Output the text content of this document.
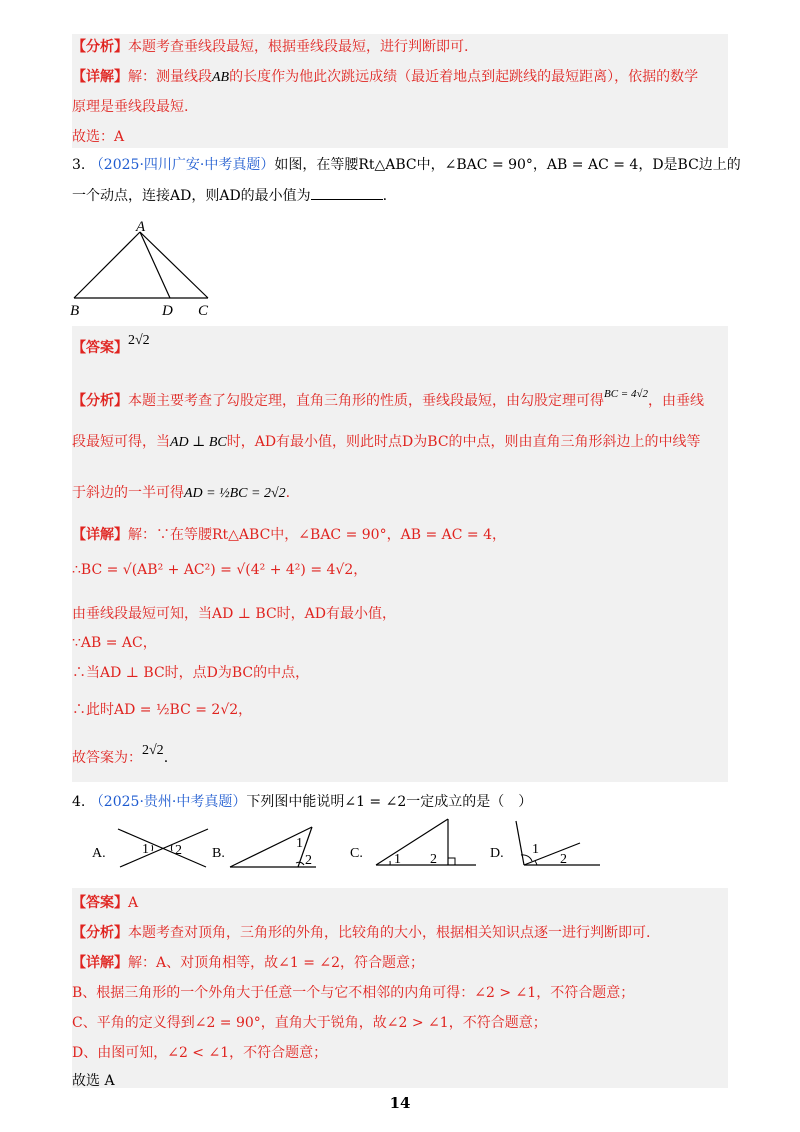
【分析】本题考查垂线段最短，根据垂线段最短，进行判断即可.
【详解】解：测量线段AB的长度作为他此次跳远成绩（最近着地点到起跳线的最短距离），依据的数学
原理是垂线段最短.
故选：A
3. （2025·四川广安·中考真题）如图，在等腰Rt△ABC中，∠BAC = 90°，AB = AC = 4，D是BC边上的
一个动点，连接AD，则AD的最小值为	.
A
B	D C
【答案】2√2
【分析】本题主要考查了勾股定理，直角三角形的性质，垂线段最短，由勾股定理可得$^{BC = 4√2}$，由垂线
段最短可得，当AD ⊥ BC时，AD有最小值，则此时点D为BC的中点，则由直角三角形斜边上的中线等
于斜边的一半可得AD = ½BC = 2√2.
【详解】解：∵在等腰Rt△ABC中，∠BAC = 90°，AB = AC = 4，
∴BC = √(AB² + AC²) = √(4² + 4²) = 4√2，
由垂线段最短可知，当AD ⊥ BC时，AD有最小值，
∵AB = AC，
∴当AD ⊥ BC时，点D为BC的中点，
∴此时AD = ½BC = 2√2，
故答案为：2√2.
4. （2025·贵州·中考真题）下列图中能说明∠1 = ∠2一定成立的是（　）
A.	1 2 B.
1
2	C. 1 2	D. 1
2
【答案】A
【分析】本题考查对顶角，三角形的外角，比较角的大小，根据相关知识点逐一进行判断即可.
【详解】解：A、对顶角相等，故∠1 = ∠2，符合题意；
B、根据三角形的一个外角大于任意一个与它不相邻的内角可得：∠2 > ∠1，不符合题意；
C、平角的定义得到∠2 = 90°，直角大于锐角，故∠2 > ∠1，不符合题意；
D、由图可知，∠2 < ∠1，不符合题意；
故选 A
14
